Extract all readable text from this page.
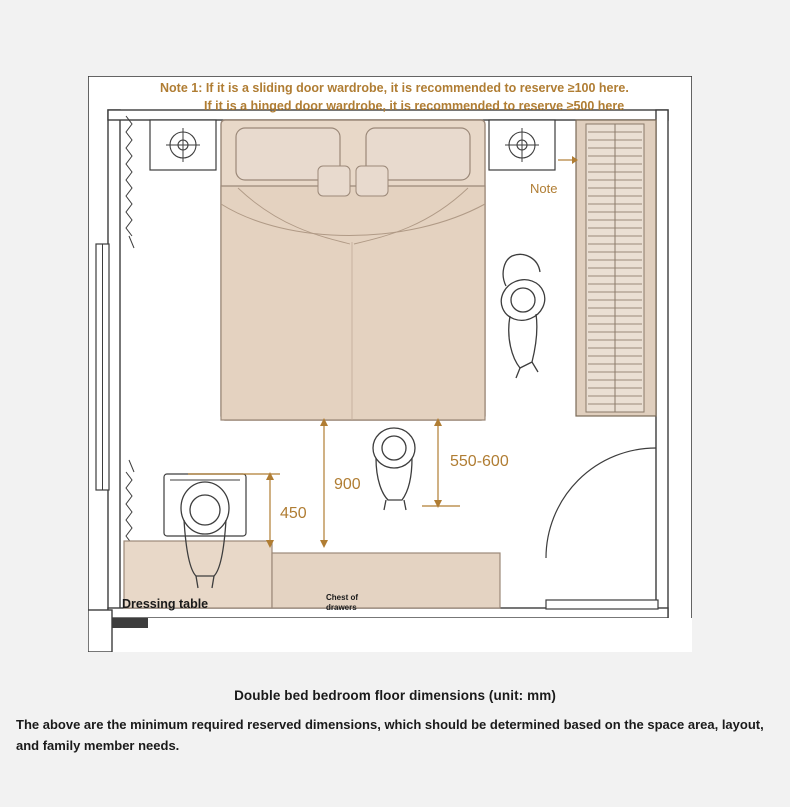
Note 1: If it is a sliding door wardrobe, it is recommended to reserve ≥100 here.
If it is a hinged door wardrobe, it is recommended to reserve ≥500 here
Note
900
450
550-600
Dressing table	Chest of
drawers
Double bed bedroom floor dimensions (unit: mm)
The above are the minimum required reserved dimensions, which should be determined based on the space area, layout, and family member needs.
